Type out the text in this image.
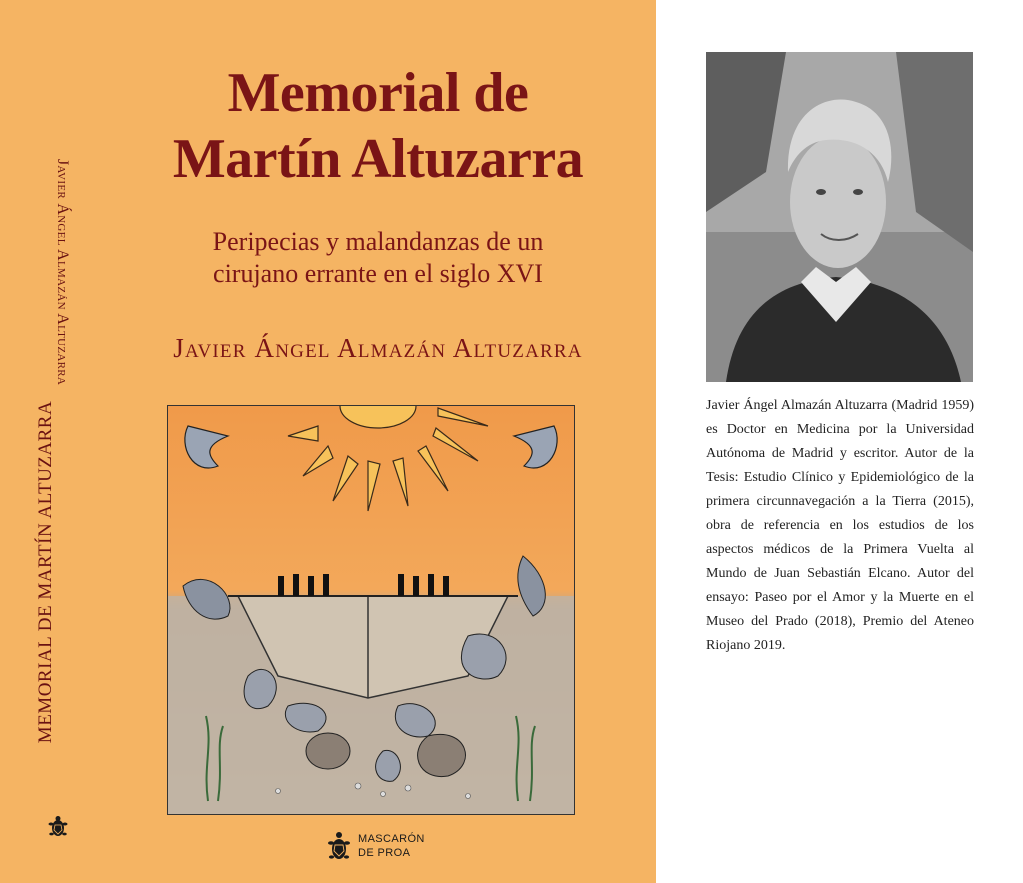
Javier Ángel Almazán Altuzarra
MEMORIAL DE MARTÍN ALTUZARRA
Memorial de
Martín Altuzarra
Peripecias y malandanzas de un
cirujano errante en el siglo XVI
Javier Ángel Almazán Altuzarra
MASCARÓN
DE PROA
Javier Ángel Almazán Altuzarra (Madrid 1959) es Doctor en Medicina por la Universidad Autónoma de Madrid y escritor. Autor de la Tesis: Estudio Clínico y Epidemiológico de la primera circunnavegación a la Tierra (2015), obra de referencia en los estudios de los aspectos médicos de la Primera Vuelta al Mundo de Juan Sebastián Elcano. Autor del ensayo: Paseo por el Amor y la Muerte en el Museo del Prado (2018), Premio del Ateneo Riojano 2019.
